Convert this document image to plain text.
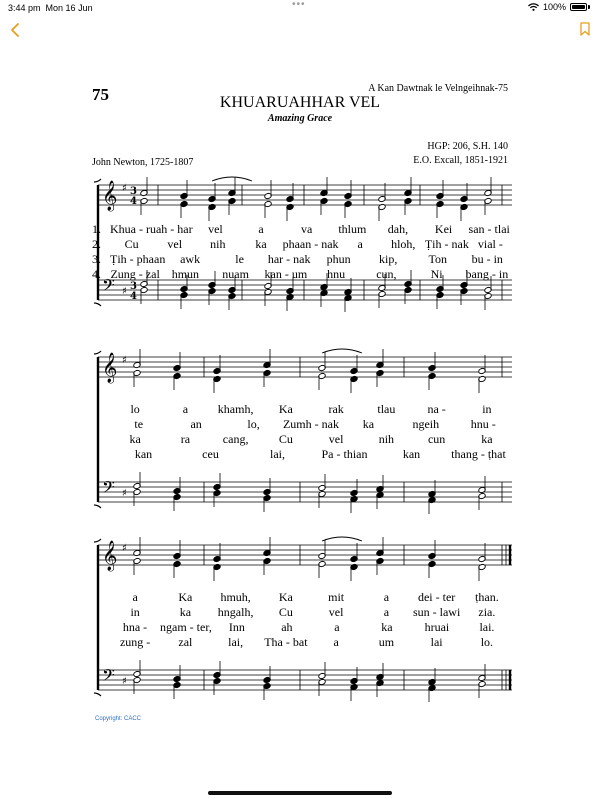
3:44 pm Mon 16 Jun	•••	100%
75	A Kan Dawtnak le Velngeihnak-75
KHUARUAHHAR VEL
Amazing Grace
HGP: 206, S.H. 140
E.O. Excall, 1851-1921
John Newton, 1725-1807
𝄞 ♯ 3
4
𝄢 ♯ 3
4
1. Khua - ruah - har	vel	a	va	thlum	dah,	Kei	san - tlai
2.	Cu	vel	nih	ka	phaan - nak	a	hloh, Ṭih - nak vial -
3. Ṭih - phaan	awk	le	har - nak	phun	kip,	Ton	bu - in
4. Zung - zal hmun	nuam	kan - um	hnu	cun,	Ni	bang - in
𝄞 ♯
𝄢 ♯
lo	a	khamh,	Ka	rak	tlau	na -	in
te	an	lo,	Zumh - nak	ka	ngeih	hnu -
ka	ra	cang,	Cu	vel	nih	cun	ka
kan	ceu	lai,	Pa - thian	kan	thang - ṭhat
𝄞 ♯
𝄢 ♯
a	Ka	hmuh,	Ka	mit	a	dei - ter	ṭhan.
in	ka	hngalh,	Cu	vel	a	sun - lawi	zia.
hna -	ngam - ter,	Inn	ah	a	ka	hruai	lai.
zung -	zal	lai,	Tha - bat	a	um	lai	lo.
Copyright: CACC
